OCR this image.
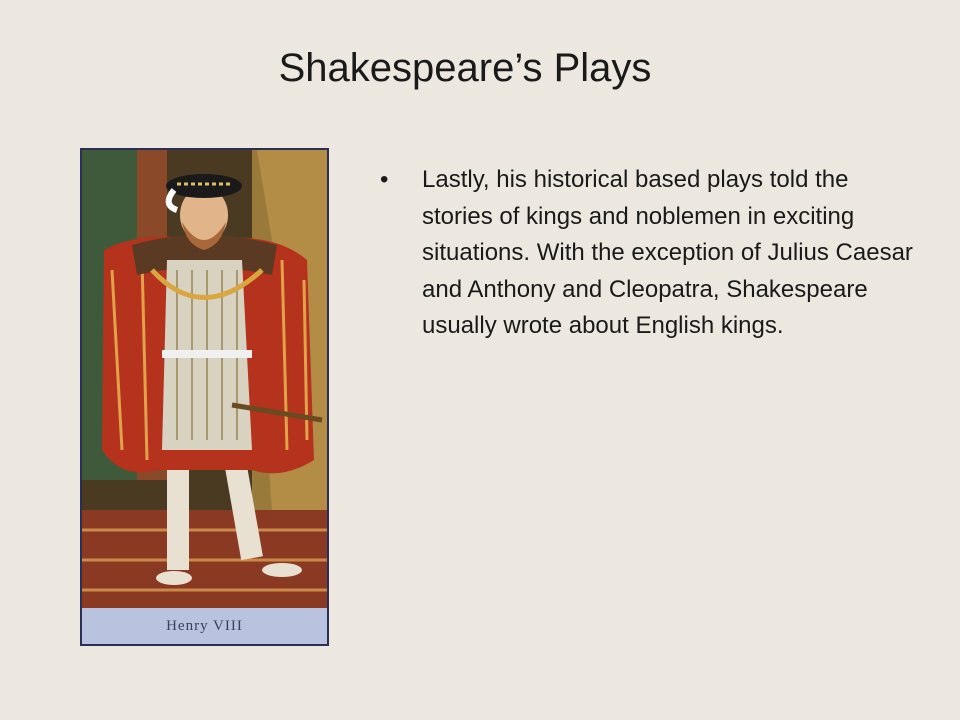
Shakespeare’s Plays
Henry VIII
• Lastly, his historical based plays told the stories of kings and noblemen in exciting situations. With the exception of Julius Caesar and Anthony and Cleopatra, Shakespeare usually wrote about English kings.
